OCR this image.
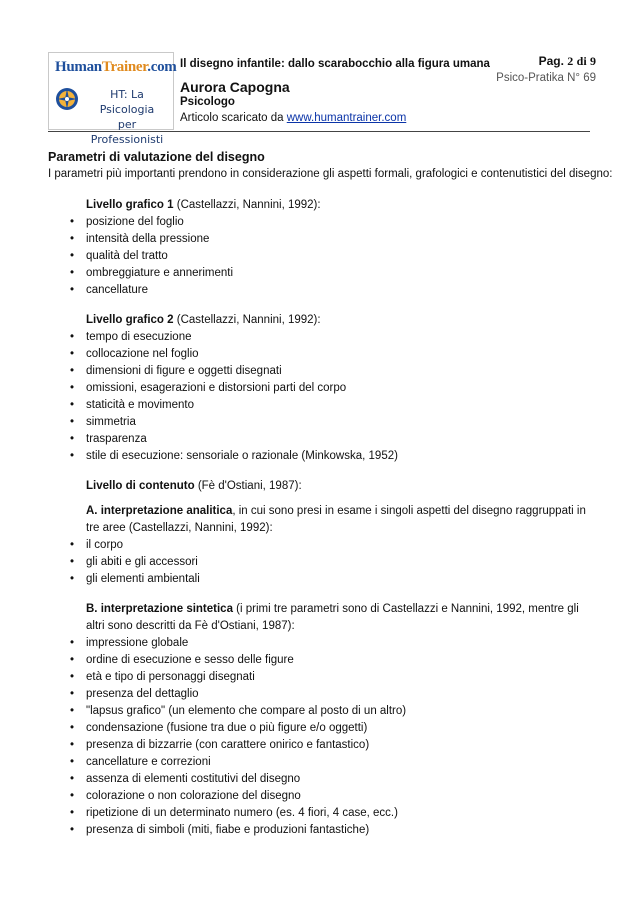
HumanTrainer.com
HT: La Psicologia
per Professionisti
Il disegno infantile: dallo scarabocchio alla figura umana
Aurora Capogna
Psicologo
Articolo scaricato da www.humantrainer.com
Pag. 2 di 9
Psico-Pratika N° 69

Parametri di valutazione del disegno

I parametri più importanti prendono in considerazione gli aspetti formali, grafologici e contenutistici del disegno:

Livello grafico 1 (Castellazzi, Nannini, 1992):

• posizione del foglio
• intensità della pressione
• qualità del tratto
• ombreggiature e annerimenti
• cancellature

Livello grafico 2 (Castellazzi, Nannini, 1992):

• tempo di esecuzione
• collocazione nel foglio
• dimensioni di figure e oggetti disegnati
• omissioni, esagerazioni e distorsioni parti del corpo
• staticità e movimento
• simmetria
• trasparenza
• stile di esecuzione: sensoriale o razionale (Minkowska, 1952)

Livello di contenuto (Fè d'Ostiani, 1987):

A. interpretazione analitica, in cui sono presi in esame i singoli aspetti del disegno raggruppati in tre aree (Castellazzi, Nannini, 1992):

• il corpo
• gli abiti e gli accessori
• gli elementi ambientali

B. interpretazione sintetica (i primi tre parametri sono di Castellazzi e Nannini, 1992, mentre gli altri sono descritti da Fè d'Ostiani, 1987):

• impressione globale
• ordine di esecuzione e sesso delle figure
• età e tipo di personaggi disegnati
• presenza del dettaglio
• "lapsus grafico" (un elemento che compare al posto di un altro)
• condensazione (fusione tra due o più figure e/o oggetti)
• presenza di bizzarrie (con carattere onirico e fantastico)
• cancellature e correzioni
• assenza di elementi costitutivi del disegno
• colorazione o non colorazione del disegno
• ripetizione di un determinato numero (es. 4 fiori, 4 case, ecc.)
• presenza di simboli (miti, fiabe e produzioni fantastiche)
